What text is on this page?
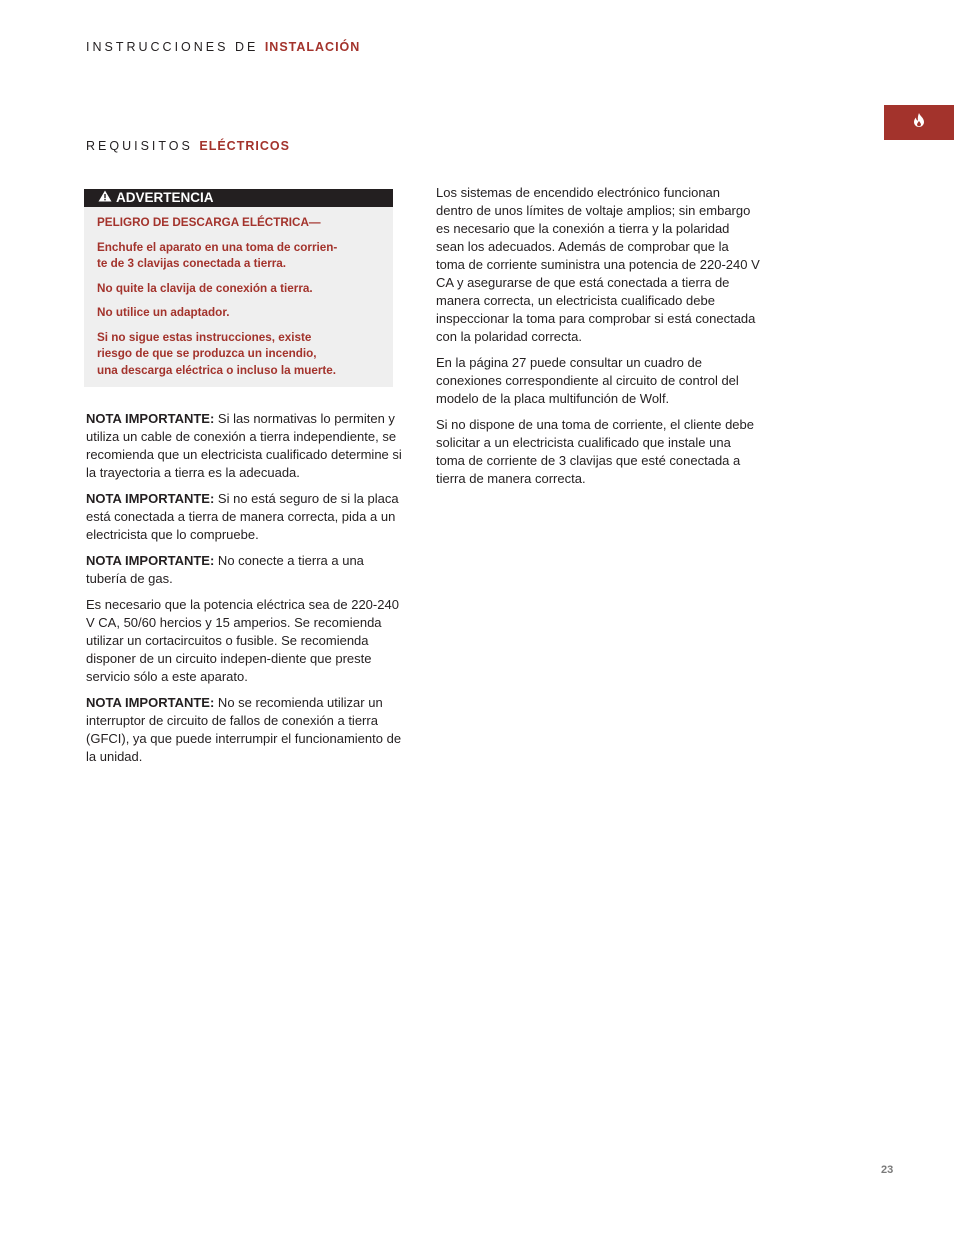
INSTRUCCIONES DE INSTALACIÓN
REQUISITOS ELÉCTRICOS
ADVERTENCIA

PELIGRO DE DESCARGA ELÉCTRICA—

Enchufe el aparato en una toma de corrien-
te de 3 clavijas conectada a tierra.

No quite la clavija de conexión a tierra.

No utilice un adaptador.

Si no sigue estas instrucciones, existe
riesgo de que se produzca un incendio,
una descarga eléctrica o incluso la muerte.

NOTA IMPORTANTE: Si las normativas lo permiten y utiliza un cable de conexión a tierra independiente, se recomienda que un electricista cualificado determine si la trayectoria a tierra es la adecuada.

NOTA IMPORTANTE: Si no está seguro de si la placa está conectada a tierra de manera correcta, pida a un electricista que lo compruebe.

NOTA IMPORTANTE: No conecte a tierra a una tubería de gas.

Es necesario que la potencia eléctrica sea de 220-240 V CA, 50/60 hercios y 15 amperios. Se recomienda utilizar un cortacircuitos o fusible. Se recomienda disponer de un circuito indepen-diente que preste servicio sólo a este aparato.

NOTA IMPORTANTE: No se recomienda utilizar un interruptor de circuito de fallos de conexión a tierra (GFCI), ya que puede interrumpir el funcionamiento de la unidad.

Los sistemas de encendido electrónico funcionan dentro de unos límites de voltaje amplios; sin embargo es necesario que la conexión a tierra y la polaridad sean los adecuados. Además de comprobar que la toma de corriente suministra una potencia de 220-240 V CA y asegurarse de que está conectada a tierra de manera correcta, un electricista cualificado debe inspeccionar la toma para comprobar si está conectada con la polaridad correcta.

En la página 27 puede consultar un cuadro de conexiones correspondiente al circuito de control del modelo de la placa multifunción de Wolf.

Si no dispone de una toma de corriente, el cliente debe solicitar a un electricista cualificado que instale una toma de corriente de 3 clavijas que esté conectada a tierra de manera correcta.

23
